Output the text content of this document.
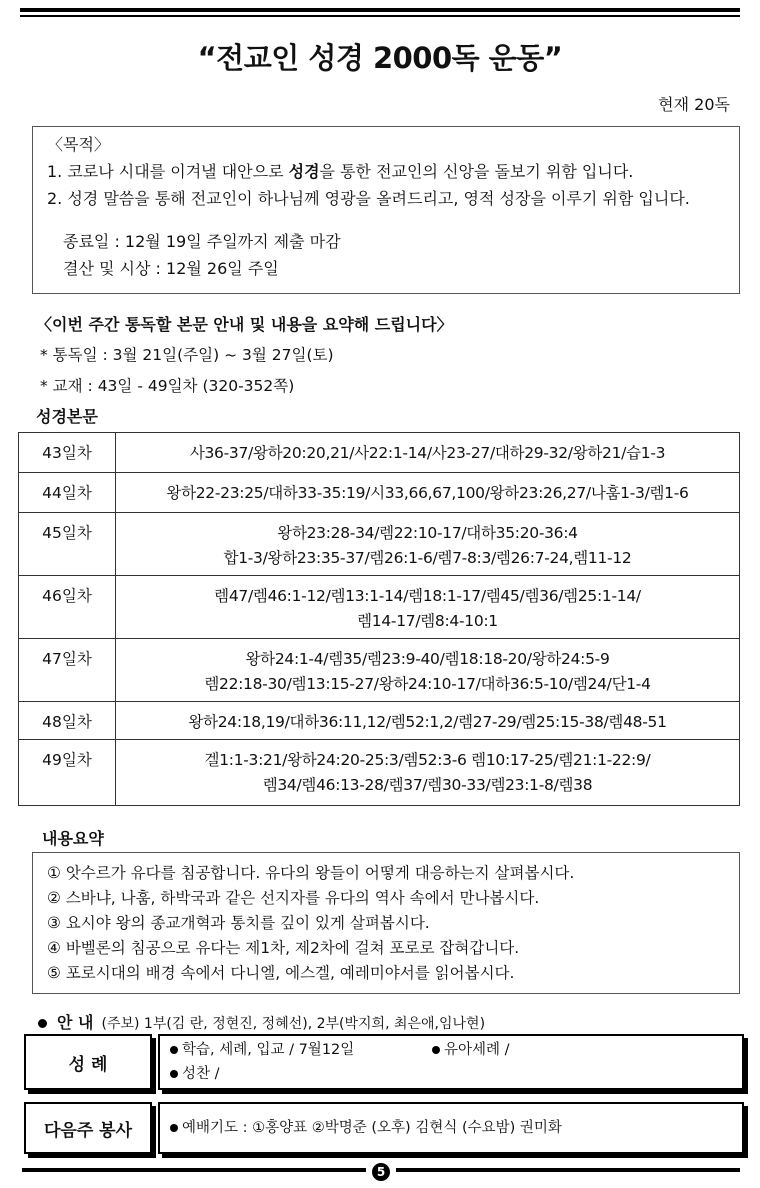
“전교인 성경 2000독 운동”
현재 20독
〈목적〉
1. 코로나 시대를 이겨낼 대안으로 성경을 통한 전교인의 신앙을 돌보기 위함 입니다.
2. 성경 말씀을 통해 전교인이 하나님께 영광을 올려드리고, 영적 성장을 이루기 위함 입니다.
종료일 : 12월 19일 주일까지 제출 마감
결산 및 시상 : 12월 26일 주일
〈이번 주간 통독할 본문 안내 및 내용을 요약해 드립니다〉
* 통독일 : 3월 21일(주일) ~ 3월 27일(토)
* 교재 : 43일 - 49일차 (320-352쪽)
성경본문
43일차	사36-37/왕하20:20,21/사22:1-14/사23-27/대하29-32/왕하21/습1-3

44일차	왕하22-23:25/대하33-35:19/시33,66,67,100/왕하23:26,27/나훔1-3/렘1-6

45일차	왕하23:28-34/렘22:10-17/대하35:20-36:4
합1-3/왕하23:35-37/렘26:1-6/렘7-8:3/렘26:7-24,렘11-12

46일차	렘47/렘46:1-12/렘13:1-14/렘18:1-17/렘45/렘36/렘25:1-14/
렘14-17/렘8:4-10:1

47일차	왕하24:1-4/렘35/렘23:9-40/렘18:18-20/왕하24:5-9
렘22:18-30/렘13:15-27/왕하24:10-17/대하36:5-10/렘24/단1-4

48일차	왕하24:18,19/대하36:11,12/렘52:1,2/렘27-29/렘25:15-38/렘48-51

49일차	겔1:1-3:21/왕하24:20-25:3/렘52:3-6 렘10:17-25/렘21:1-22:9/
렘34/렘46:13-28/렘37/렘30-33/렘23:1-8/렘38
내용요약
① 앗수르가 유다를 침공합니다. 유다의 왕들이 어떻게 대응하는지 살펴봅시다.
② 스바냐, 나훔, 하박국과 같은 선지자를 유다의 역사 속에서 만나봅시다.
③ 요시야 왕의 종교개혁과 통치를 깊이 있게 살펴봅시다.
④ 바벨론의 침공으로 유다는 제1차, 제2차에 걸쳐 포로로 잡혀갑니다.
⑤ 포로시대의 배경 속에서 다니엘, 에스겔, 예레미야서를 읽어봅시다.
안 내 (주보) 1부(김 란, 정현진, 정혜선), 2부(박지희, 최은애,임나현)
성 례
학습, 세례, 입교 / 7월12일	유아세례 /
성찬 /
다음주 봉사	예배기도 : ①홍양표 ②박명준 (오후) 김현식 (수요밤) 권미화
5
